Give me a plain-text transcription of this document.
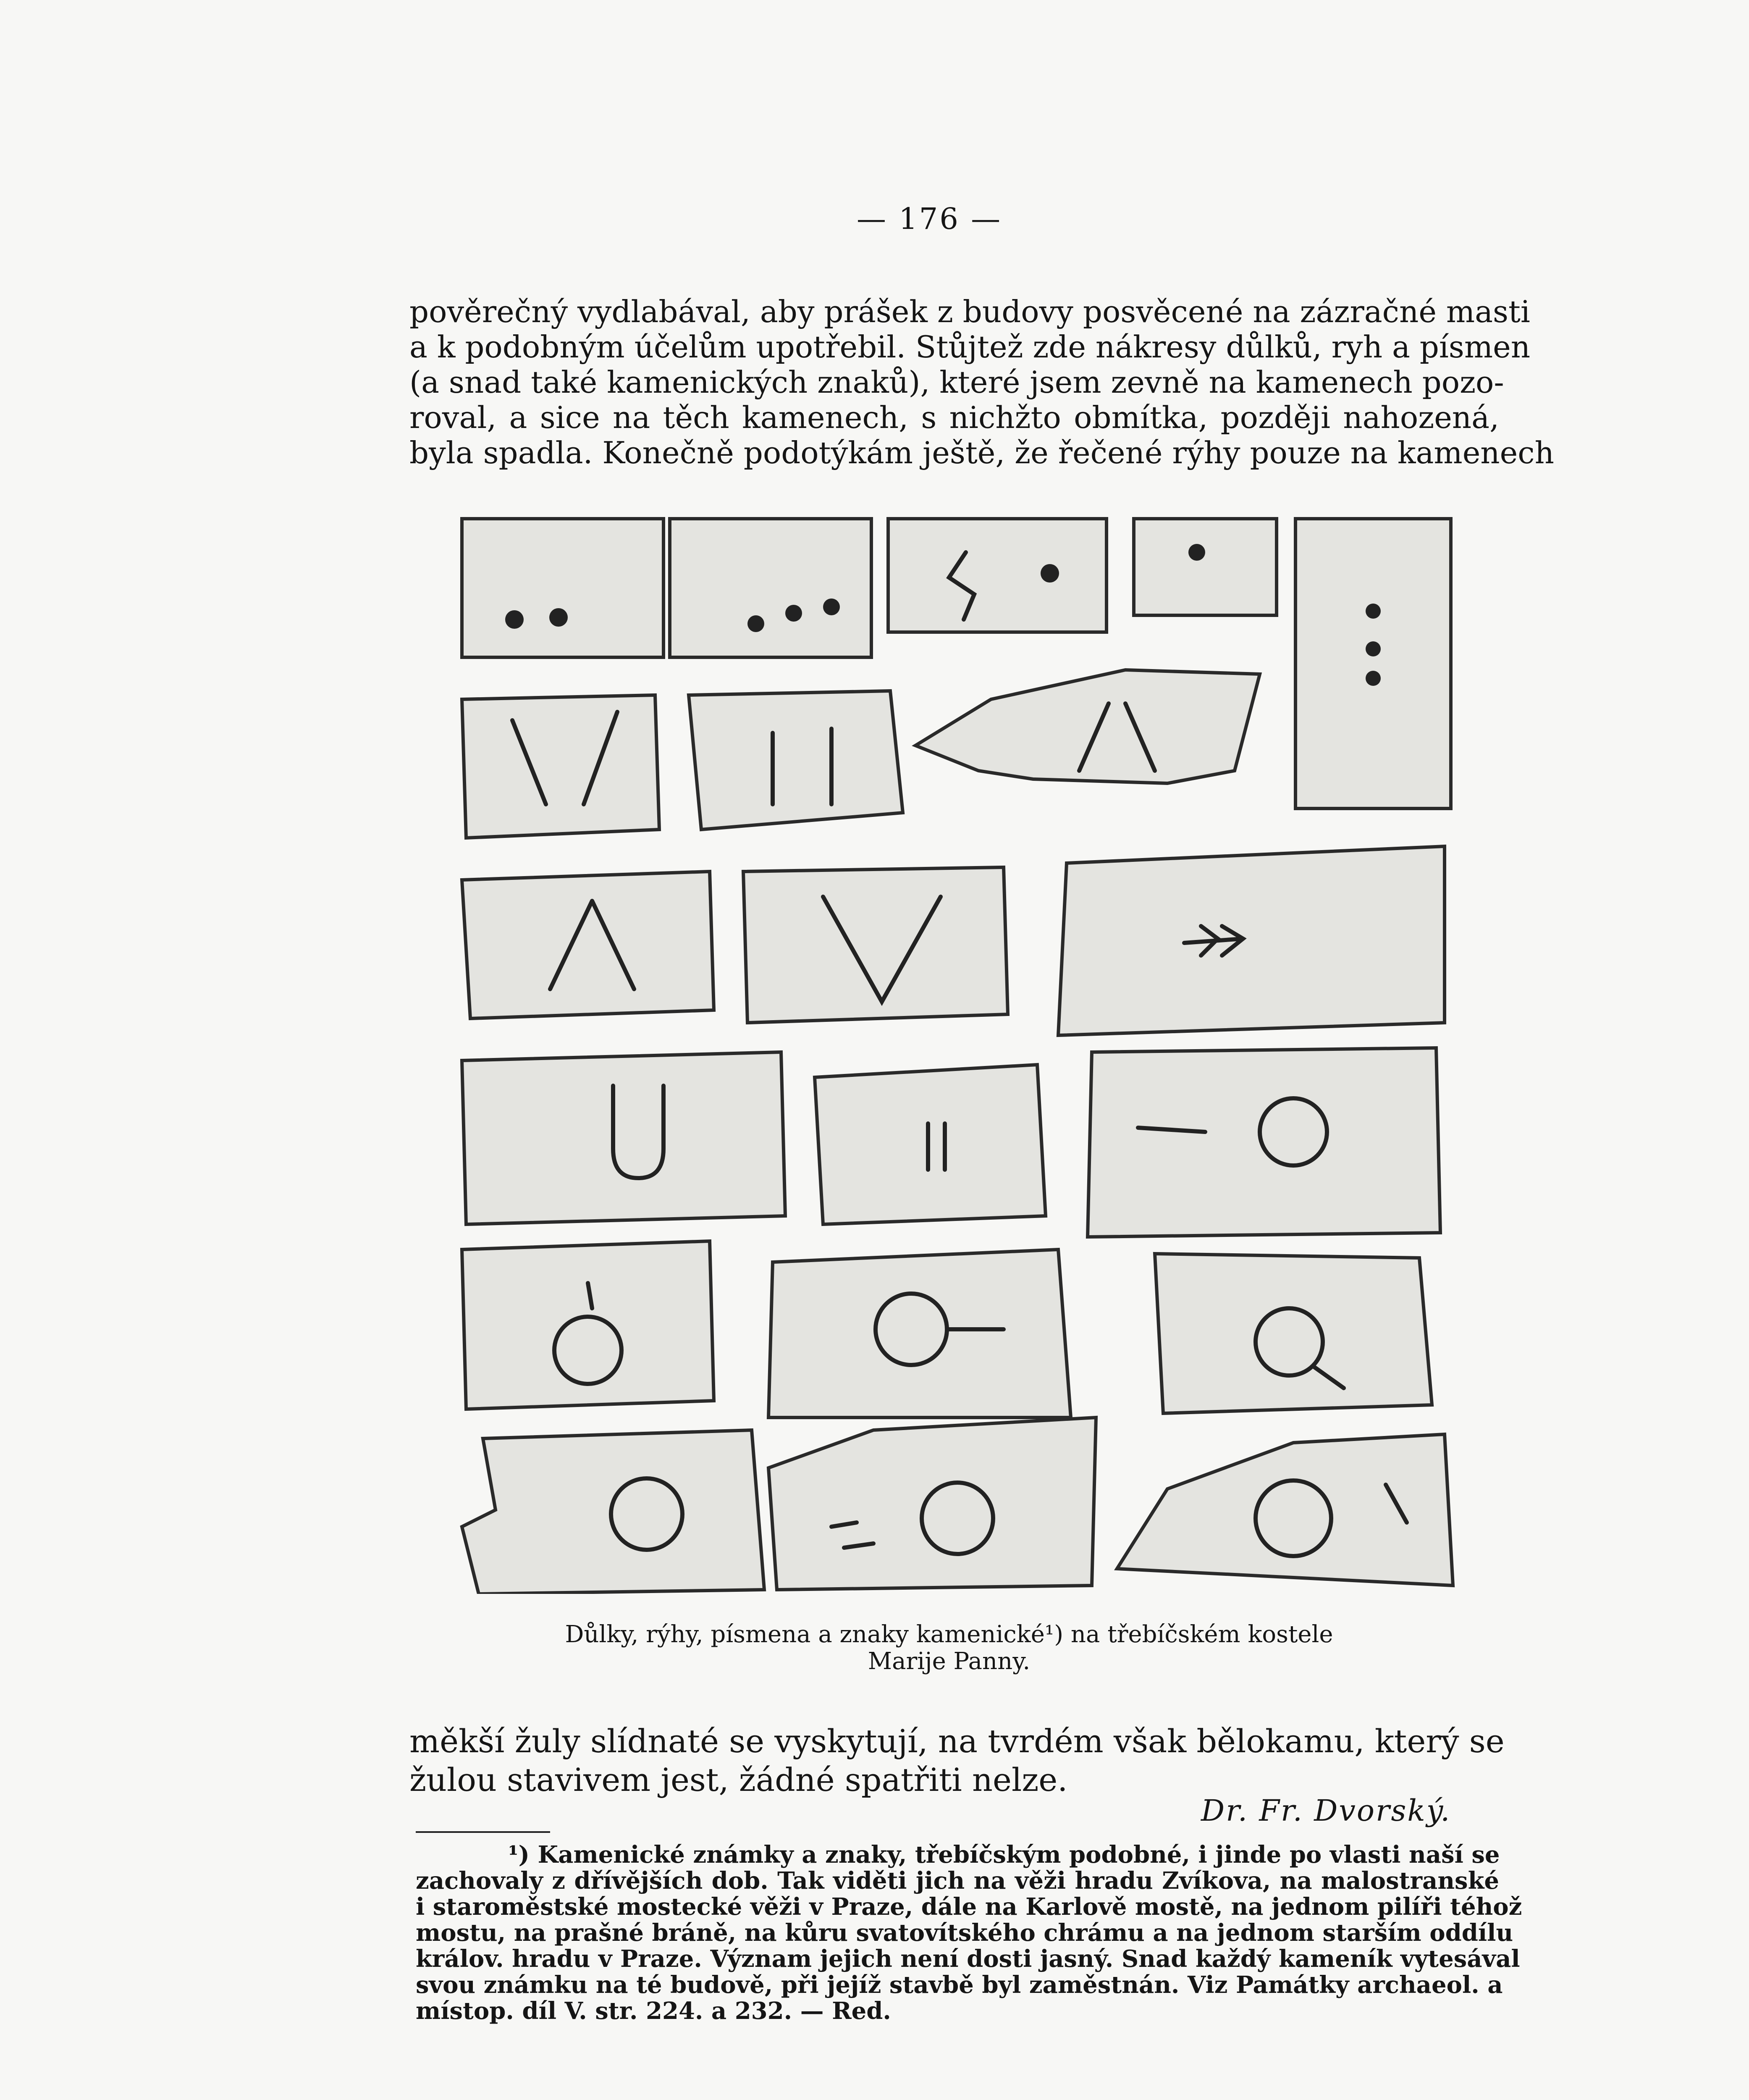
— 176 —
pověrečný vydlabával, aby prášek z budovy posvěcené na zázračné masti
a k podobným účelům upotřebil. Stůjtež zde nákresy důlků, ryh a písmen
(a snad také kamenických znaků), které jsem zevně na kamenech pozo-
roval, a sice na těch kamenech, s nichžto obmítka, později nahozená,
byla spadla. Konečně podotýkám ještě, že řečené rýhy pouze na kamenech
Důlky, rýhy, písmena a znaky kamenické¹) na třebíčském kostele
Marije Panny.
měkší žuly slídnaté se vyskytují, na tvrdém však bělokamu, který se
žulou stavivem jest, žádné spatřiti nelze.
Dr. Fr. Dvorský.
¹) Kamenické známky a znaky, třebíčským podobné, i jinde po vlasti naší se
zachovaly z dřívějších dob. Tak viděti jich na věži hradu Zvíkova, na malostranské
i staroměstské mostecké věži v Praze, dále na Karlově mostě, na jednom pilíři téhož
mostu, na prašné bráně, na kůru svatovítského chrámu a na jednom starším oddílu
králov. hradu v Praze. Význam jejich není dosti jasný. Snad každý kameník vytesával
svou známku na té budově, při jejíž stavbě byl zaměstnán. Viz Památky archaeol. a
místop. díl V. str. 224. a 232. — Red.
